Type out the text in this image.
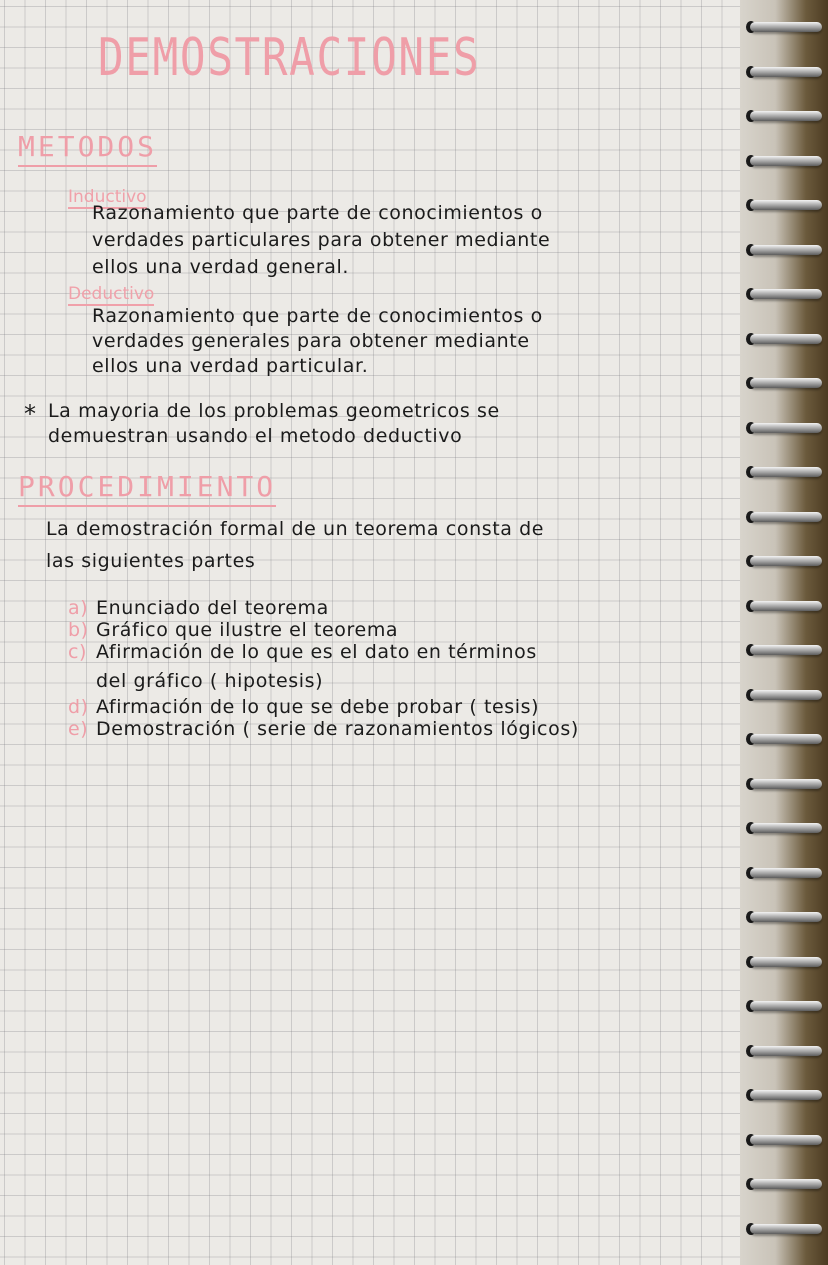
DEMOSTRACIONES
METODOS
Inductivo
Razonamiento que parte de conocimientos o
verdades particulares para obtener mediante
ellos una verdad general.
Deductivo
Razonamiento que parte de conocimientos o
verdades generales para obtener mediante
ellos una verdad particular.
* La mayoria de los problemas geometricos se
demuestran usando el metodo deductivo
PROCEDIMIENTO
La demostración formal de un teorema consta de
las siguientes partes
a) Enunciado del teorema
b) Gráfico que ilustre el teorema
c) Afirmación de lo que es el dato en términos
del gráfico ( hipotesis)
d) Afirmación de lo que se debe probar ( tesis)
e) Demostración ( serie de razonamientos lógicos)
